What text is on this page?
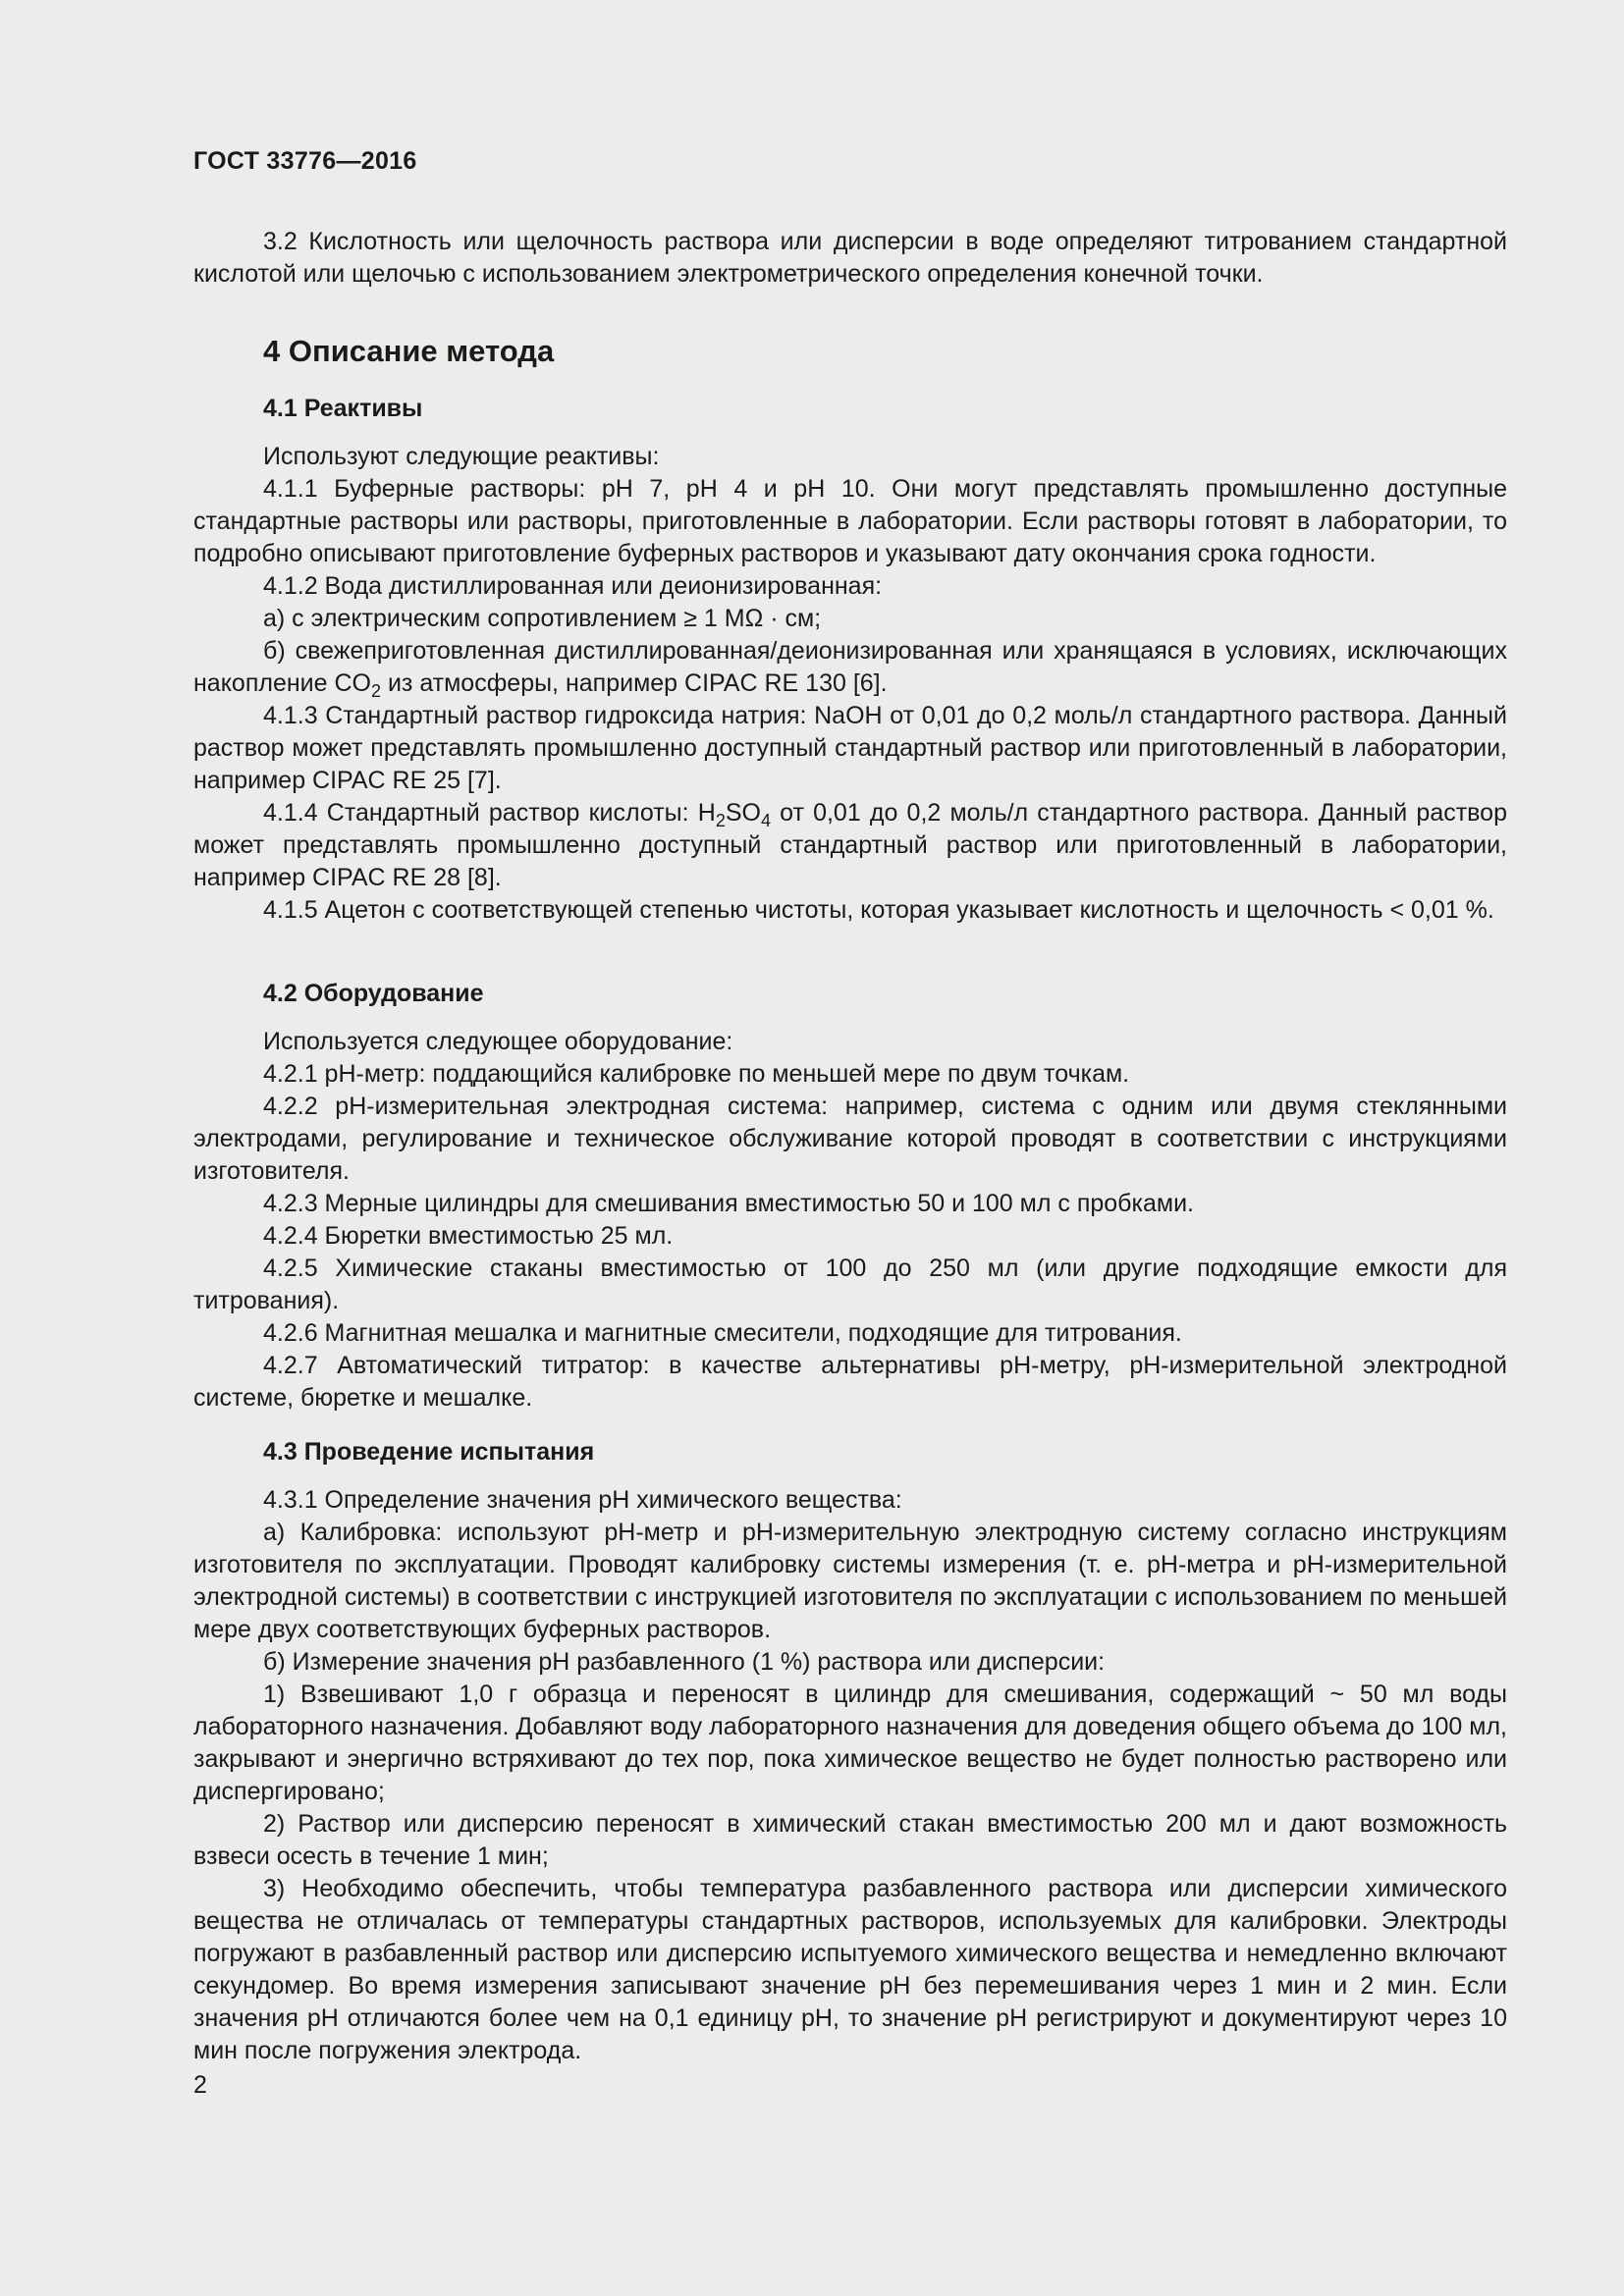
ГОСТ 33776—2016

3.2 Кислотность или щелочность раствора или дисперсии в воде определяют титрованием стандартной кислотой или щелочью с использованием электрометрического определения конечной точки.

4 Описание метода
4.1 Реактивы

Используют следующие реактивы:

4.1.1 Буферные растворы: pH 7, pH 4 и pH 10. Они могут представлять промышленно доступные стандартные растворы или растворы, приготовленные в лаборатории. Если растворы готовят в лаборатории, то подробно описывают приготовление буферных растворов и указывают дату окончания срока годности.

4.1.2 Вода дистиллированная или деионизированная:

а) с электрическим сопротивлением ≥ 1 MΩ · см;

б) свежеприготовленная дистиллированная/деионизированная или хранящаяся в условиях, исключающих накопление $CO_2$ из атмосферы, например CIPAC RE 130 [6].

4.1.3 Стандартный раствор гидроксида натрия: NaOH от 0,01 до 0,2 моль/л стандартного раствора. Данный раствор может представлять промышленно доступный стандартный раствор или приготовленный в лаборатории, например CIPAC RE 25 [7].

4.1.4 Стандартный раствор кислоты: $H_2SO_4$ от 0,01 до 0,2 моль/л стандартного раствора. Данный раствор может представлять промышленно доступный стандартный раствор или приготовленный в лаборатории, например CIPAC RE 28 [8].

4.1.5 Ацетон с соответствующей степенью чистоты, которая указывает кислотность и щелочность < 0,01 %.

4.2 Оборудование

Используется следующее оборудование:

4.2.1 pH-метр: поддающийся калибровке по меньшей мере по двум точкам.

4.2.2 pH-измерительная электродная система: например, система с одним или двумя стеклянными электродами, регулирование и техническое обслуживание которой проводят в соответствии с инструкциями изготовителя.

4.2.3 Мерные цилиндры для смешивания вместимостью 50 и 100 мл с пробками.

4.2.4 Бюретки вместимостью 25 мл.

4.2.5 Химические стаканы вместимостью от 100 до 250 мл (или другие подходящие емкости для титрования).

4.2.6 Магнитная мешалка и магнитные смесители, подходящие для титрования.

4.2.7 Автоматический титратор: в качестве альтернативы pH-метру, pH-измерительной электродной системе, бюретке и мешалке.

4.3 Проведение испытания

4.3.1 Определение значения pH химического вещества:

а) Калибровка: используют pH-метр и pH-измерительную электродную систему согласно инструкциям изготовителя по эксплуатации. Проводят калибровку системы измерения (т. е. pH-метра и pH-измерительной электродной системы) в соответствии с инструкцией изготовителя по эксплуатации с использованием по меньшей мере двух соответствующих буферных растворов.

б) Измерение значения pH разбавленного (1 %) раствора или дисперсии:

1) Взвешивают 1,0 г образца и переносят в цилиндр для смешивания, содержащий ~ 50 мл воды лабораторного назначения. Добавляют воду лабораторного назначения для доведения общего объема до 100 мл, закрывают и энергично встряхивают до тех пор, пока химическое вещество не будет полностью растворено или диспергировано;

2) Раствор или дисперсию переносят в химический стакан вместимостью 200 мл и дают возможность взвеси осесть в течение 1 мин;

3) Необходимо обеспечить, чтобы температура разбавленного раствора или дисперсии химического вещества не отличалась от температуры стандартных растворов, используемых для калибровки. Электроды погружают в разбавленный раствор или дисперсию испытуемого химического вещества и немедленно включают секундомер. Во время измерения записывают значение pH без перемешивания через 1 мин и 2 мин. Если значения pH отличаются более чем на 0,1 единицу pH, то значение pH регистрируют и документируют через 10 мин после погружения электрода.

2
